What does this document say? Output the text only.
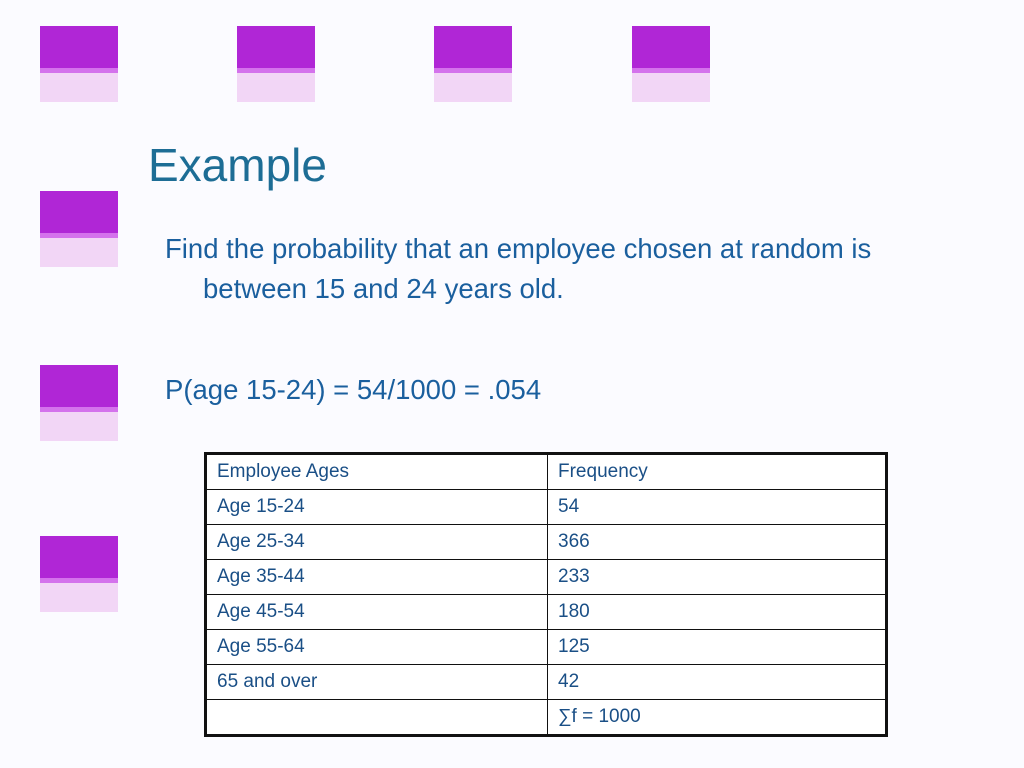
Example

Find the probability that an employee chosen at random is between 15 and 24 years old.

P(age 15-24) = 54/1000 = .054

Employee Ages	Frequency
Age 15-24	54
Age 25-34	366
Age 35-44	233
Age 45-54	180
Age 55-64	125
65 and over	42
	∑f = 1000
